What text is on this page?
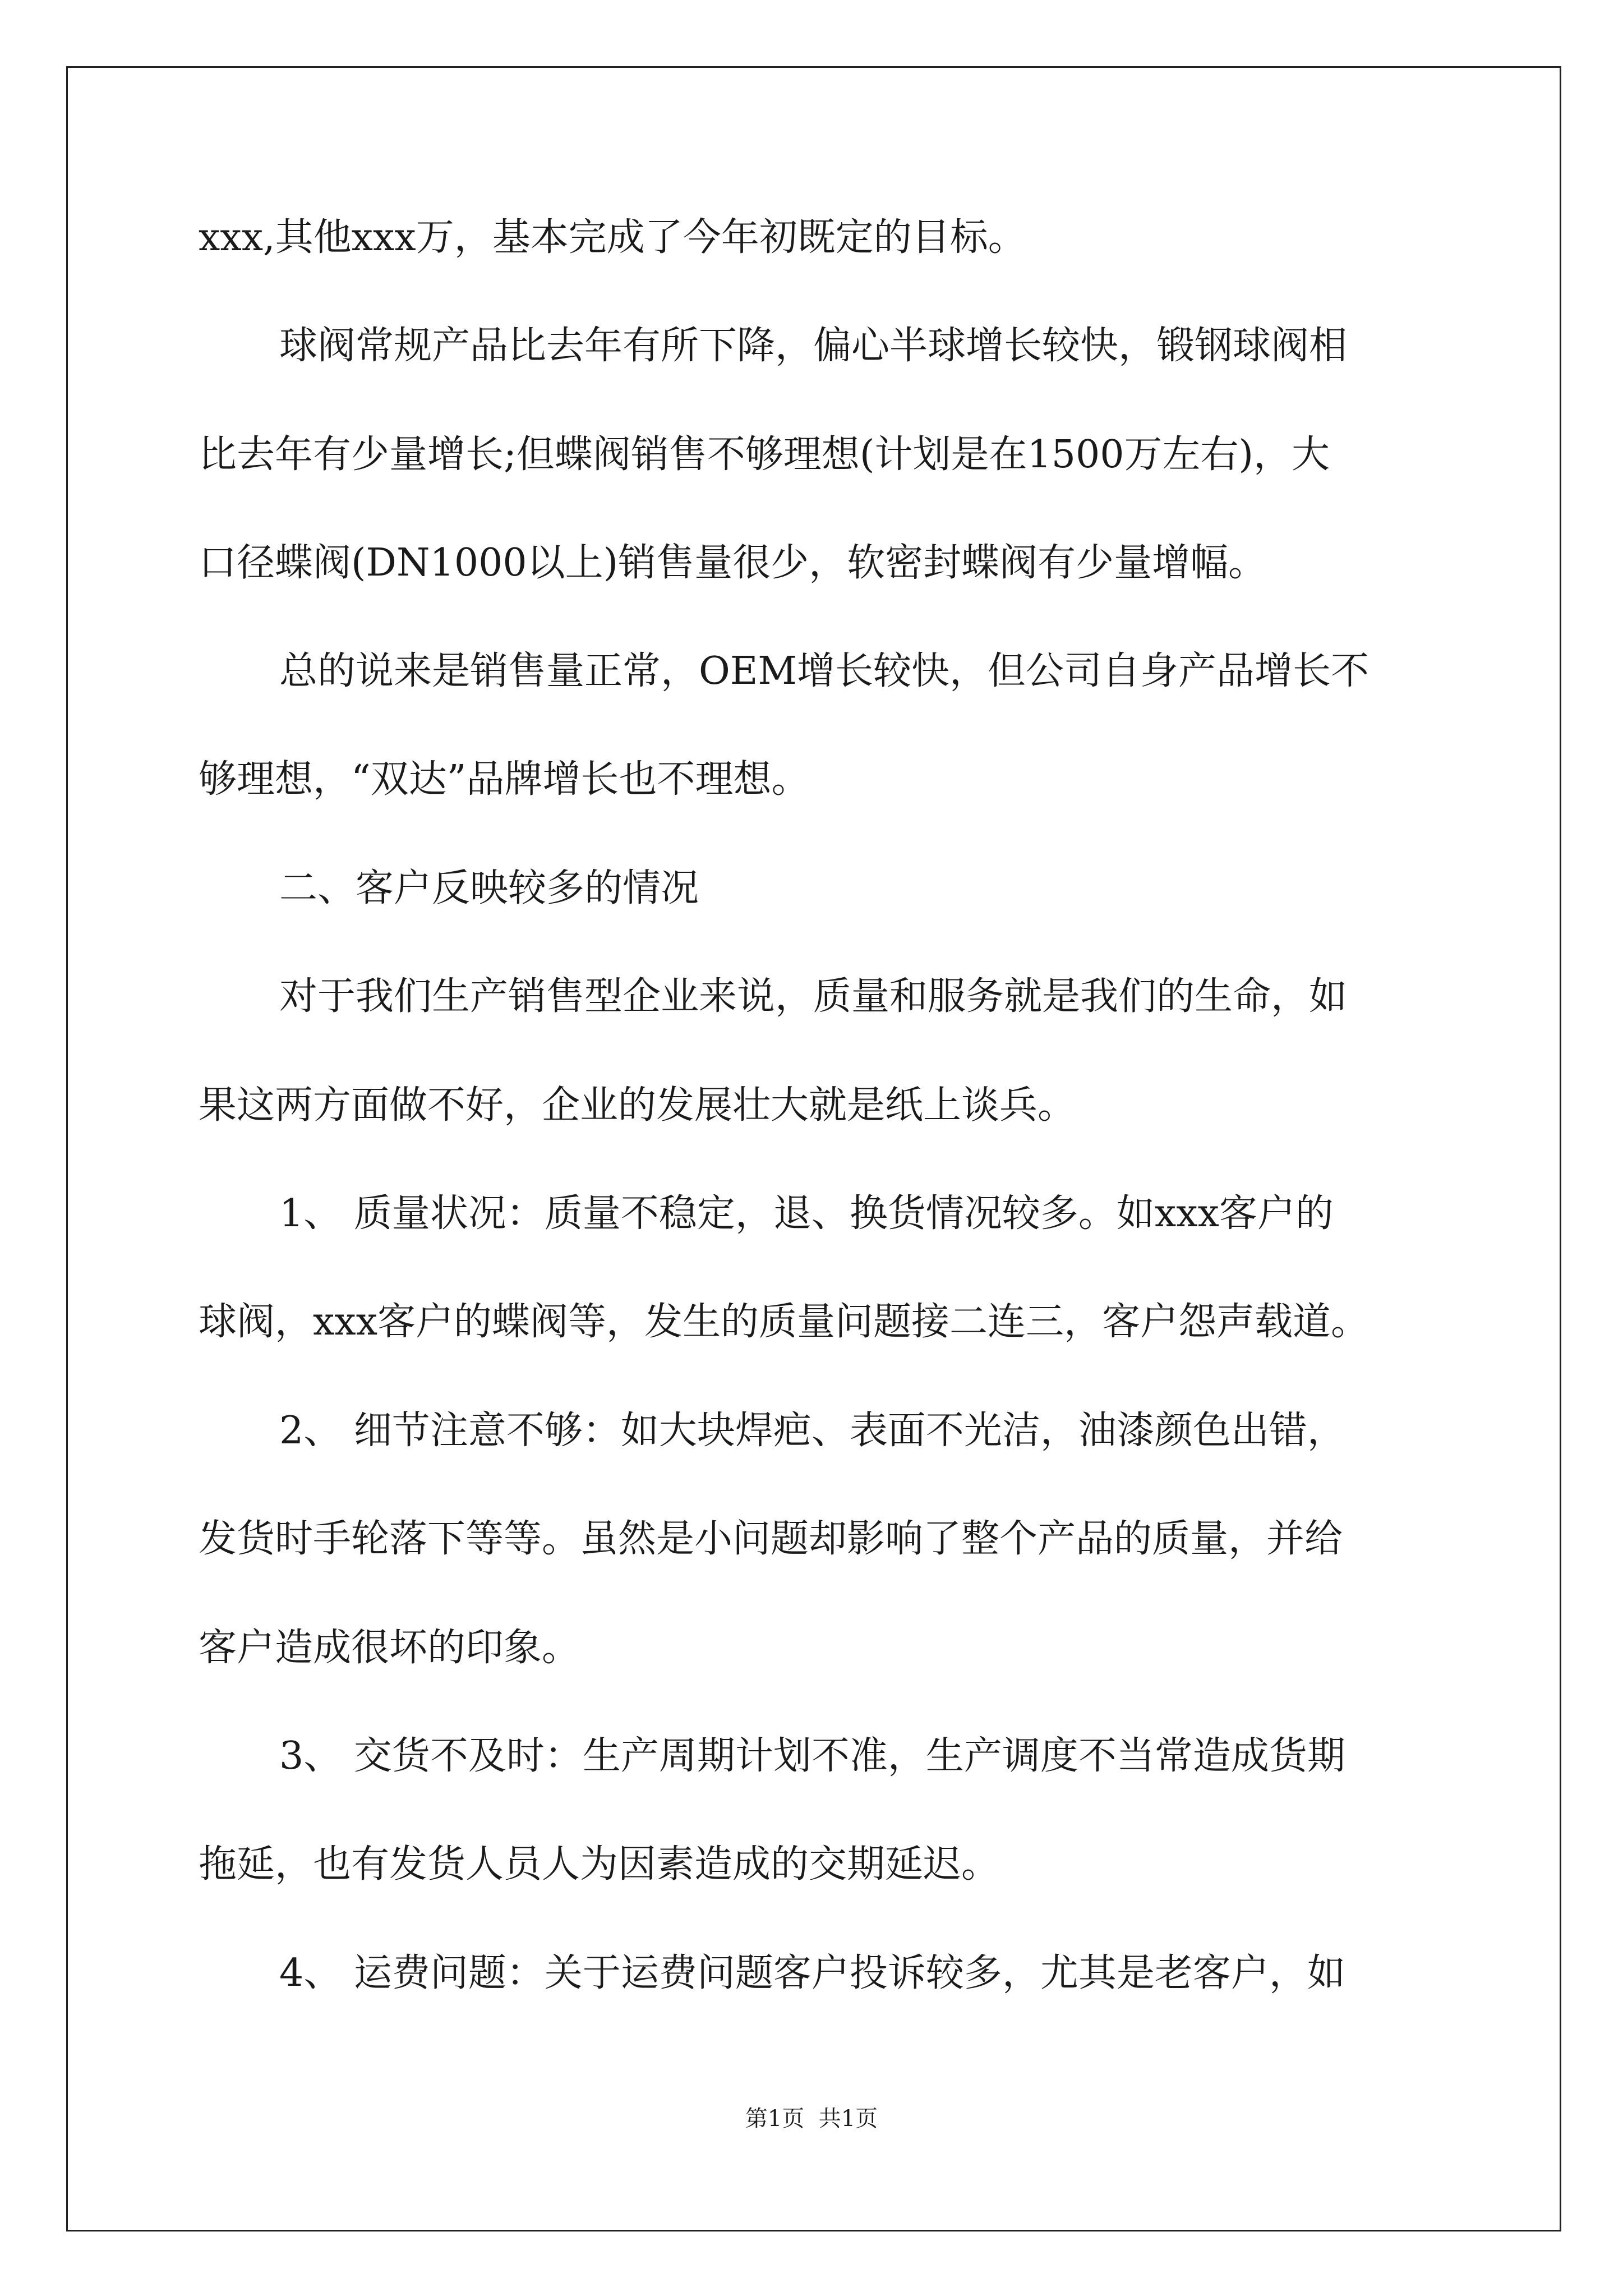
xxx,其他xxx万，基本完成了今年初既定的目标。

球阀常规产品比去年有所下降，偏心半球增长较快，锻钢球阀相

比去年有少量增长;但蝶阀销售不够理想(计划是在1500万左右)，大

口径蝶阀(DN1000以上)销售量很少，软密封蝶阀有少量增幅。

总的说来是销售量正常，OEM增长较快，但公司自身产品增长不

够理想，“双达”品牌增长也不理想。

二、客户反映较多的情况

对于我们生产销售型企业来说，质量和服务就是我们的生命，如

果这两方面做不好，企业的发展壮大就是纸上谈兵。

1、 质量状况：质量不稳定，退、换货情况较多。如xxx客户的

球阀，xxx客户的蝶阀等，发生的质量问题接二连三，客户怨声载道。

2、 细节注意不够：如大块焊疤、表面不光洁，油漆颜色出错，

发货时手轮落下等等。虽然是小问题却影响了整个产品的质量，并给

客户造成很坏的印象。

3、 交货不及时：生产周期计划不准，生产调度不当常造成货期

拖延，也有发货人员人为因素造成的交期延迟。

4、 运费问题：关于运费问题客户投诉较多，尤其是老客户，如

第1页  共1页
